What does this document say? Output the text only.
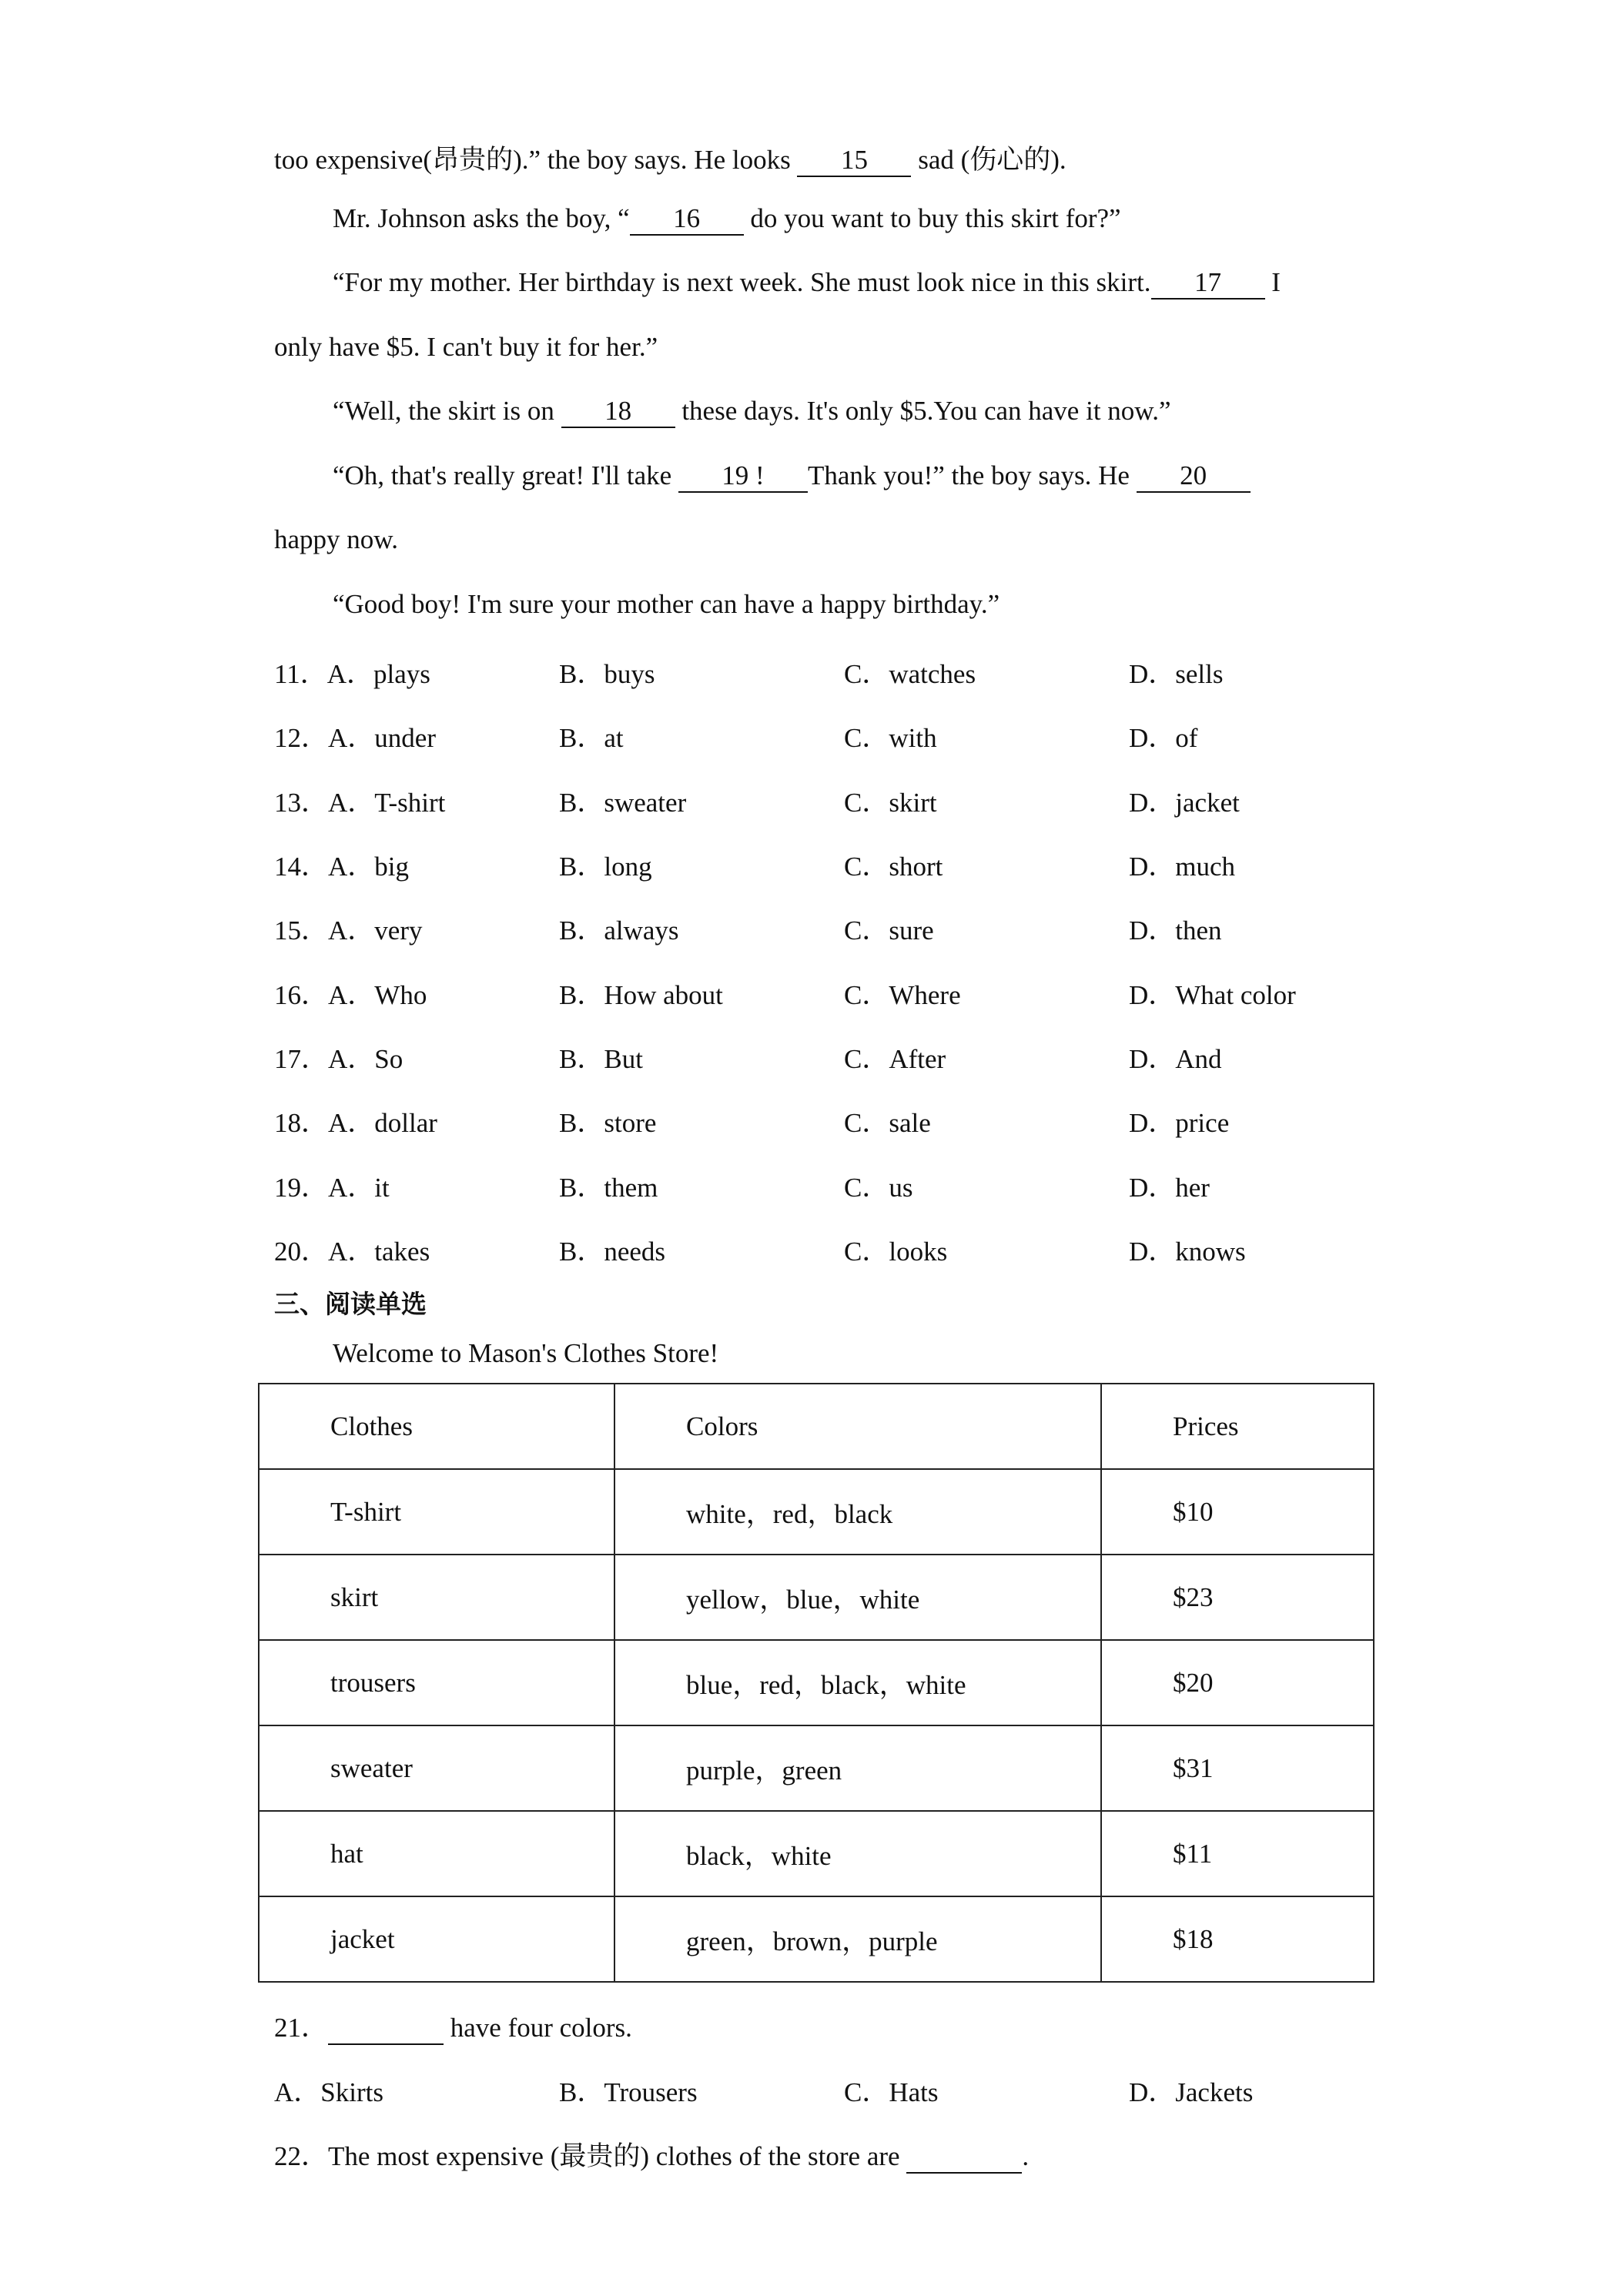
too expensive(昂贵的).” the boy says. He looks 15 sad (伤心的).
Mr. Johnson asks the boy, “ 16 do you want to buy this skirt for?”
“For my mother. Her birthday is next week. She must look nice in this skirt. 17 I
only have $5. I can't buy it for her.”
“Well, the skirt is on 18 these days. It's only $5.You can have it now.”
“Oh, that's really great! I'll take 19 ! Thank you!” the boy says. He 20
happy now.
“Good boy! I'm sure your mother can have a happy birthday.”
11．A．plays	B．buys	C．watches	D．sells
12．A．under	B．at	C．with	D．of
13．A．T-shirt	B．sweater	C．skirt	D．jacket
14．A．big	B．long	C．short	D．much
15．A．very	B．always	C．sure	D．then
16．A．Who	B．How about	C．Where	D．What color
17．A．So	B．But	C．After	D．And
18．A．dollar	B．store	C．sale	D．price
19．A．it	B．them	C．us	D．her
20．A．takes	B．needs	C．looks	D．knows
三、阅读单选
Welcome to Mason's Clothes Store!
Clothes	Colors	Prices
T-shirt	white，red，black	$10
skirt	yellow，blue，white	$23
trousers	blue，red，black，white	$20
sweater	purple，green	$31
hat	black，white	$11
jacket	green，brown，purple	$18
21．	have four colors.
A．Skirts	B．Trousers	C．Hats	D．Jackets
22．The most expensive (最贵的) clothes of the store are	.
